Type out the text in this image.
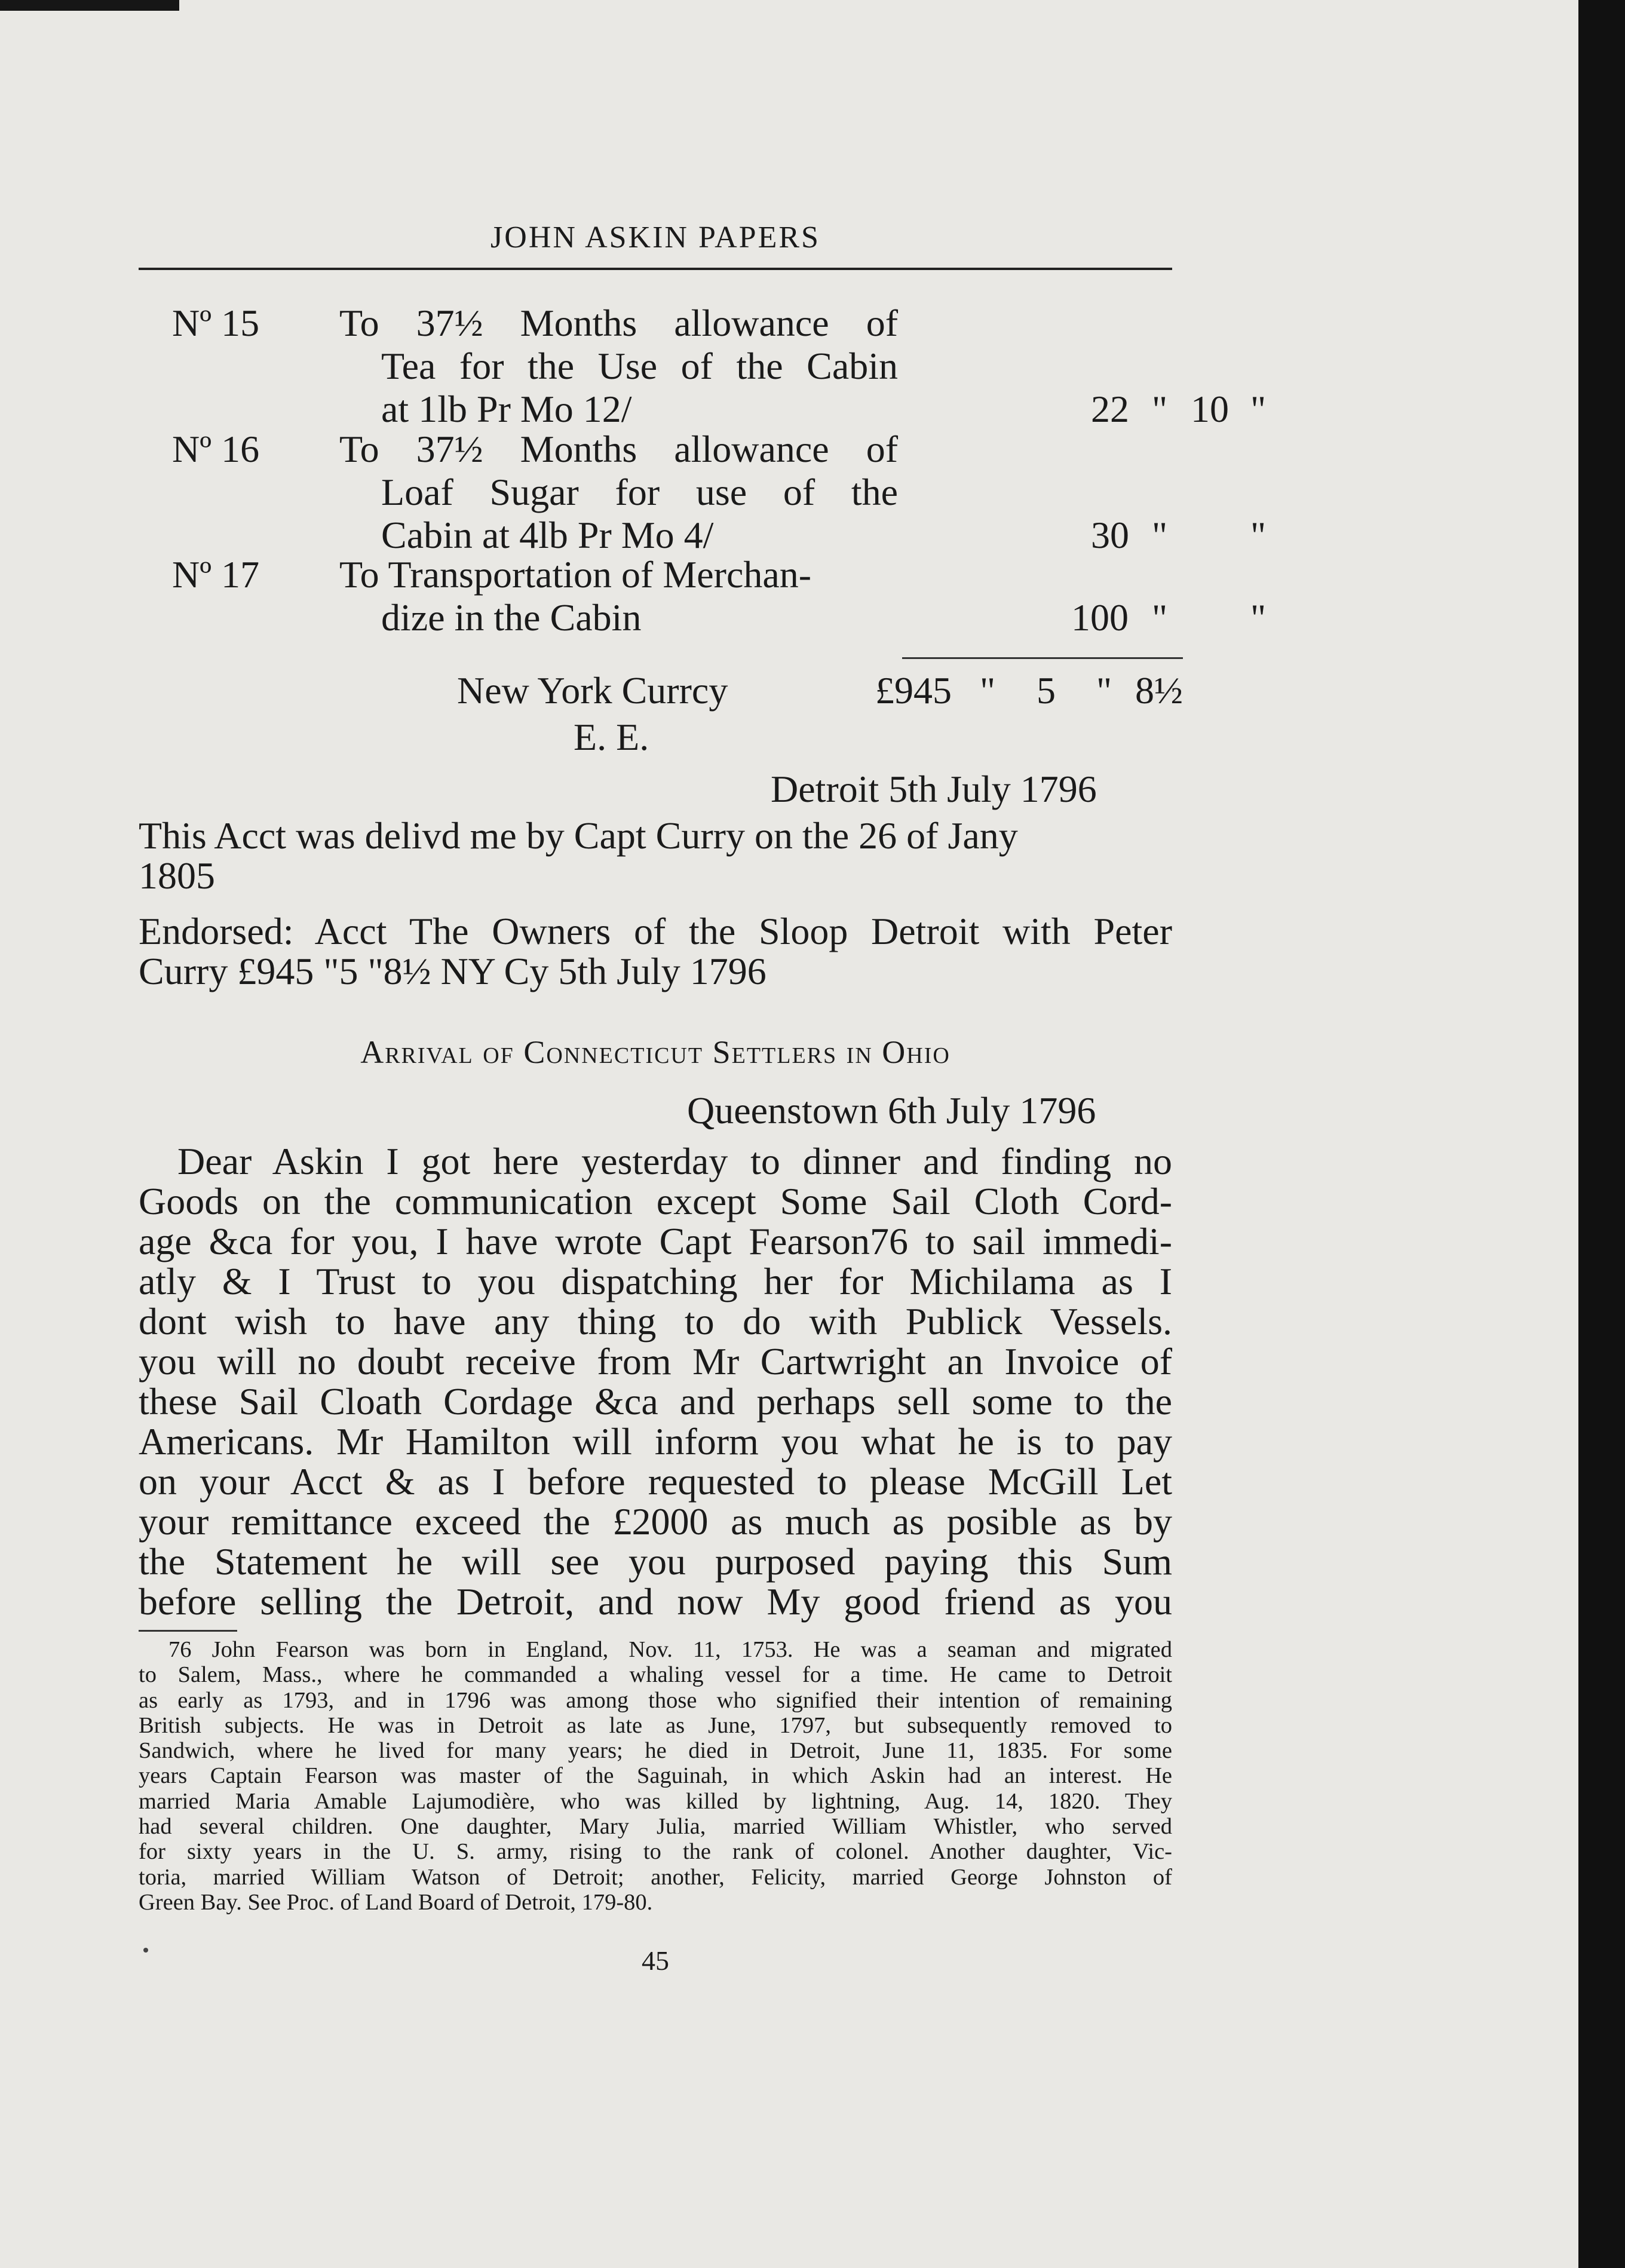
JOHN ASKIN PAPERS
Nº 15 To 37½ Months allowance of
Tea for the Use of the Cabin
at 1lb Pr Mo 12/	22 " 10 "
Nº 16 To 37½ Months allowance of
Loaf Sugar for use of the
Cabin at 4lb Pr Mo 4/	30 " "
Nº 17 To Transportation of Merchan-
dize in the Cabin	100 " "
New York Currcy	£945 " 5 " 8½
E. E.
Detroit 5th July 1796
This Acct was delivd me by Capt Curry on the 26 of Jany
1805
Endorsed: Acct The Owners of the Sloop Detroit with Peter
Curry £945 "5 "8½ NY Cy 5th July 1796
Arrival of Connecticut Settlers in Ohio
Queenstown 6th July 1796
Dear Askin I got here yesterday to dinner and finding no
Goods on the communication except Some Sail Cloth Cord-
age &ca for you, I have wrote Capt Fearson76 to sail immedi-
atly & I Trust to you dispatching her for Michilama as I
dont wish to have any thing to do with Publick Vessels.
you will no doubt receive from Mr Cartwright an Invoice of
these Sail Cloath Cordage &ca and perhaps sell some to the
Americans. Mr Hamilton will inform you what he is to pay
on your Acct & as I before requested to please McGill Let
your remittance exceed the £2000 as much as posible as by
the Statement he will see you purposed paying this Sum
before selling the Detroit, and now My good friend as you
76 John Fearson was born in England, Nov. 11, 1753. He was a seaman and migrated
to Salem, Mass., where he commanded a whaling vessel for a time. He came to Detroit
as early as 1793, and in 1796 was among those who signified their intention of remaining
British subjects. He was in Detroit as late as June, 1797, but subsequently removed to
Sandwich, where he lived for many years; he died in Detroit, June 11, 1835. For some
years Captain Fearson was master of the Saguinah, in which Askin had an interest. He
married Maria Amable Lajumodière, who was killed by lightning, Aug. 14, 1820. They
had several children. One daughter, Mary Julia, married William Whistler, who served
for sixty years in the U. S. army, rising to the rank of colonel. Another daughter, Vic-
toria, married William Watson of Detroit; another, Felicity, married George Johnston of
Green Bay. See Proc. of Land Board of Detroit, 179-80.
45
